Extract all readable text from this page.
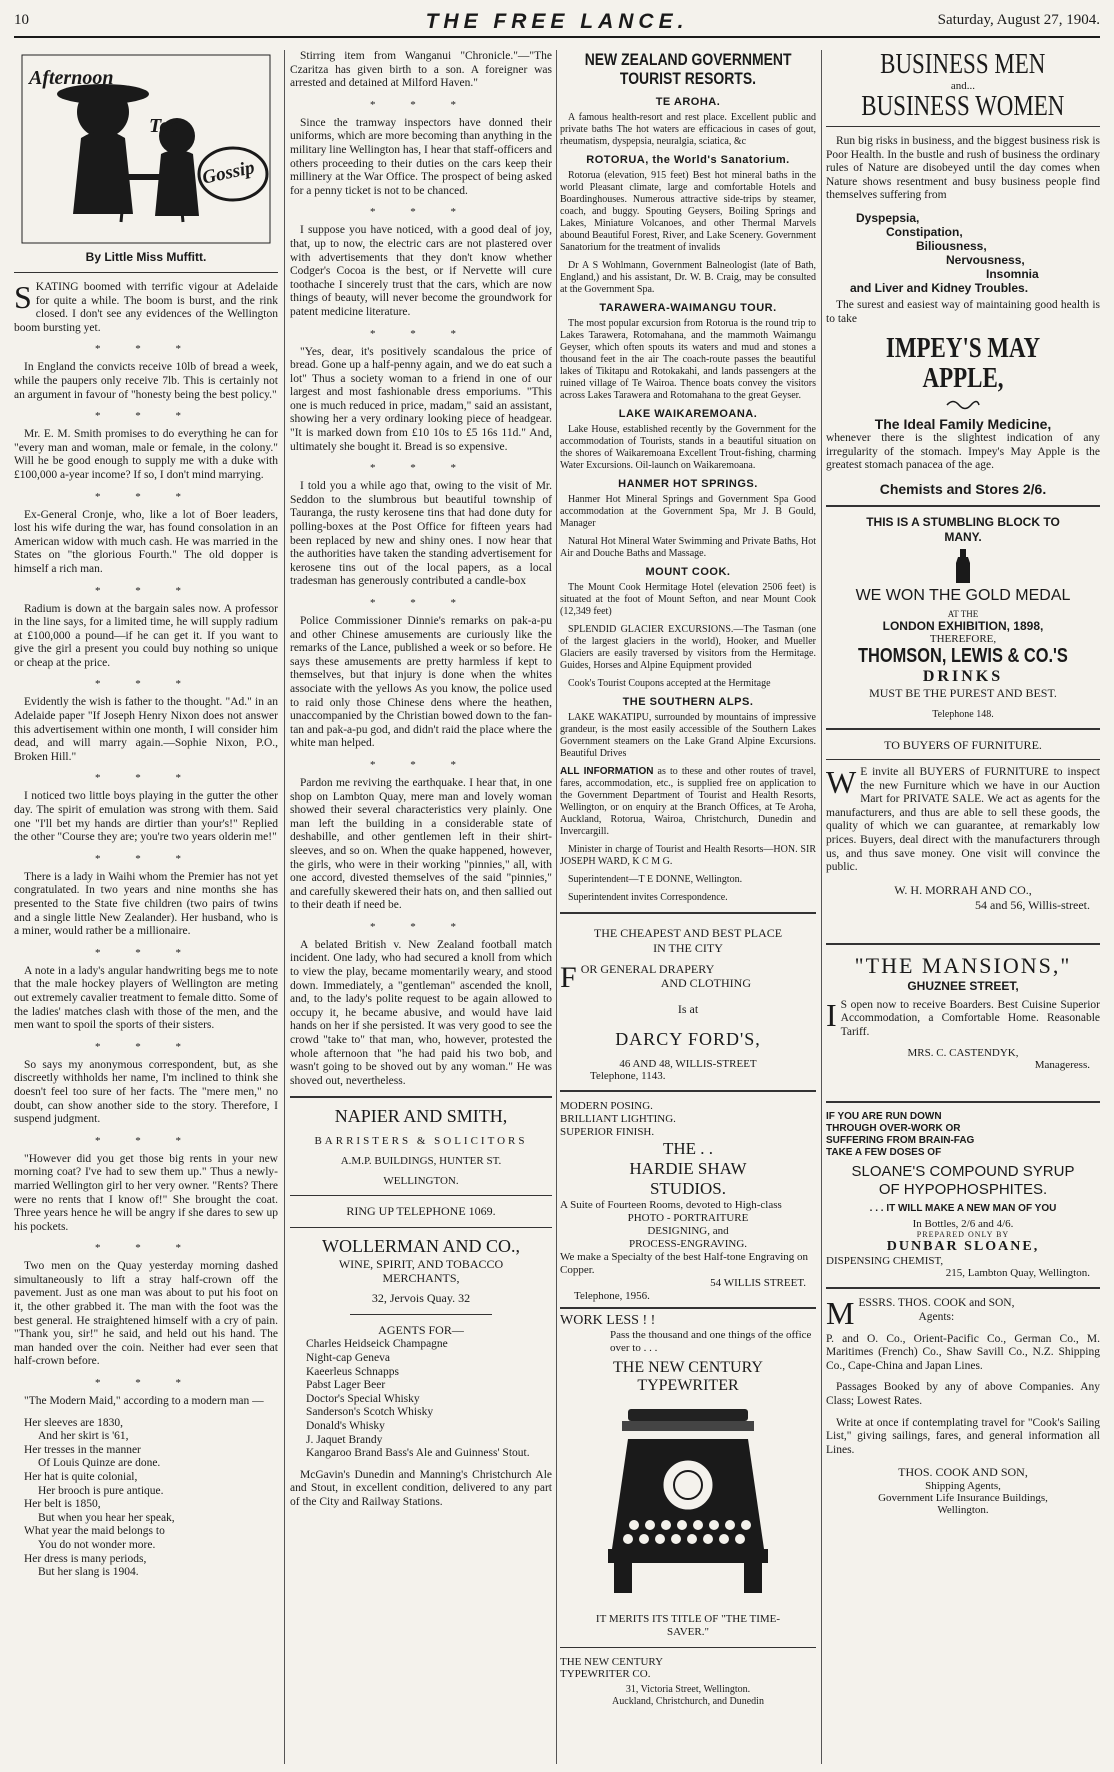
10	THE FREE LANCE.	Saturday, August 27, 1904.
Afternoon
Tea
Gossip
By Little Miss Muffitt.

SKATING boomed with terrific vigour at Adelaide for quite a while. The boom is burst, and the rink closed. I don't see any evidences of the Wellington boom bursting yet.

* * *

In England the convicts receive 10lb of bread a week, while the paupers only receive 7lb. This is certainly not an argument in favour of "honesty being the best policy."

* * *

Mr. E. M. Smith promises to do everything he can for "every man and woman, male or female, in the colony." Will he be good enough to supply me with a duke with £100,000 a-year income? If so, I don't mind marrying.

* * *

Ex-General Cronje, who, like a lot of Boer leaders, lost his wife during the war, has found consolation in an American widow with much cash. He was married in the States on "the glorious Fourth." The old dopper is himself a rich man.

* * *

Radium is down at the bargain sales now. A professor in the line says, for a limited time, he will supply radium at £100,000 a pound—if he can get it. If you want to give the girl a present you could buy nothing so unique or cheap at the price.

* * *

Evidently the wish is father to the thought. "Ad." in an Adelaide paper "If Joseph Henry Nixon does not answer this advertisement within one month, I will consider him dead, and will marry again.—Sophie Nixon, P.O., Broken Hill."

* * *

I noticed two little boys playing in the gutter the other day. The spirit of emulation was strong with them. Said one "I'll bet my hands are dirtier than your's!" Replied the other "Course they are; you're two years olderin me!"

* * *

There is a lady in Waihi whom the Premier has not yet congratulated. In two years and nine months she has presented to the State five children (two pairs of twins and a single little New Zealander). Her husband, who is a miner, would rather be a millionaire.

* * *

A note in a lady's angular handwriting begs me to note that the male hockey players of Wellington are meting out extremely cavalier treatment to female ditto. Some of the ladies' matches clash with those of the men, and the men want to spoil the sports of their sisters.

* * *

So says my anonymous correspondent, but, as she discreetly withholds her name, I'm inclined to think she doesn't feel too sure of her facts. The "mere men," no doubt, can show another side to the story. Therefore, I suspend judgment.

* * *

"However did you get those big rents in your new morning coat? I've had to sew them up." Thus a newly-married Wellington girl to her very owner. "Rents? There were no rents that I know of!" She brought the coat. Three years hence he will be angry if she dares to sew up his pockets.

* * *

Two men on the Quay yesterday morning dashed simultaneously to lift a stray half-crown off the pavement. Just as one man was about to put his foot on it, the other grabbed it. The man with the foot was the best general. He straightened himself with a cry of pain. "Thank you, sir!" he said, and held out his hand. The man handed over the coin. Neither had ever seen that half-crown before.

* * *

"The Modern Maid," according to a modern man —

Her sleeves are 1830,
And her skirt is '61,
Her tresses in the manner
Of Louis Quinze are done.
Her hat is quite colonial,
Her brooch is pure antique.
Her belt is 1850,
But when you hear her speak,
What year the maid belongs to
You do not wonder more.
Her dress is many periods,
But her slang is 1904.

Stirring item from Wanganui "Chronicle."—"The Czaritza has given birth to a son. A foreigner was arrested and detained at Milford Haven."

* * *

Since the tramway inspectors have donned their uniforms, which are more becoming than anything in the military line Wellington has, I hear that staff-officers and others proceeding to their duties on the cars keep their millinery at the War Office. The prospect of being asked for a penny ticket is not to be chanced.

* * *

I suppose you have noticed, with a good deal of joy, that, up to now, the electric cars are not plastered over with advertisements that they don't know whether Codger's Cocoa is the best, or if Nervette will cure toothache I sincerely trust that the cars, which are now things of beauty, will never become the groundwork for patent medicine literature.

* * *

"Yes, dear, it's positively scandalous the price of bread. Gone up a half-penny again, and we do eat such a lot" Thus a society woman to a friend in one of our largest and most fashionable dress emporiums. "This one is much reduced in price, madam," said an assistant, showing her a very ordinary looking piece of headgear. "It is marked down from £10 10s to £5 16s 11d." And, ultimately she bought it. Bread is so expensive.

* * *

I told you a while ago that, owing to the visit of Mr. Seddon to the slumbrous but beautiful township of Tauranga, the rusty kerosene tins that had done duty for polling-boxes at the Post Office for fifteen years had been replaced by new and shiny ones. I now hear that the authorities have taken the standing advertisement for kerosene tins out of the local papers, as a local tradesman has generously contributed a candle-box

* * *

Police Commissioner Dinnie's remarks on pak-a-pu and other Chinese amusements are curiously like the remarks of the Lance, published a week or so before. He says these amusements are pretty harmless if kept to themselves, but that injury is done when the whites associate with the yellows As you know, the police used to raid only those Chinese dens where the heathen, unaccompanied by the Christian bowed down to the fan-tan and pak-a-pu god, and didn't raid the place where the white man helped.

* * *

Pardon me reviving the earthquake. I hear that, in one shop on Lambton Quay, mere man and lovely woman showed their several characteristics very plainly. One man left the building in a considerable state of deshabille, and other gentlemen left in their shirt-sleeves, and so on. When the quake happened, however, the girls, who were in their working "pinnies," all, with one accord, divested themselves of the said "pinnies," and carefully skewered their hats on, and then sallied out to their death if need be.

* * *

A belated British v. New Zealand football match incident. One lady, who had secured a knoll from which to view the play, became momentarily weary, and stood down. Immediately, a "gentleman" ascended the knoll, and, to the lady's polite request to be again allowed to occupy it, he became abusive, and would have laid hands on her if she persisted. It was very good to see the crowd "take to" that man, who, however, protested the whole afternoon that "he had paid his two bob, and wasn't going to be shoved out by any woman." He was shoved out, nevertheless.

NAPIER AND SMITH,
BARRISTERS & SOLICITORS
A.M.P. BUILDINGS, HUNTER ST.
WELLINGTON.
RING UP TELEPHONE 1069.
WOLLERMAN AND CO.,
WINE, SPIRIT, AND TOBACCO MERCHANTS,
32, Jervois Quay. 32
AGENTS FOR—
Charles Heidseick Champagne
Night-cap Geneva
Kaeerleus Schnapps
Pabst Lager Beer
Doctor's Special Whisky
Sanderson's Scotch Whisky
Donald's Whisky
J. Jaquet Brandy
Kangaroo Brand Bass's Ale and Guinness' Stout.

McGavin's Dunedin and Manning's Christchurch Ale and Stout, in excellent condition, delivered to any part of the City and Railway Stations.

NEW ZEALAND GOVERNMENT
TOURIST RESORTS.
TE AROHA.

A famous health-resort and rest place. Excellent public and private baths The hot waters are efficacious in cases of gout, rheumatism, dyspepsia, neuralgia, sciatica, &c

ROTORUA, the World's Sanatorium.

Rotorua (elevation, 915 feet) Best hot mineral baths in the world Pleasant climate, large and comfortable Hotels and Boardinghouses. Numerous attractive side-trips by steamer, coach, and buggy. Spouting Geysers, Boiling Springs and Lakes, Miniature Volcanoes, and other Thermal Marvels abound Beautiful Forest, River, and Lake Scenery. Government Sanatorium for the treatment of invalids

Dr A S Wohlmann, Government Balneologist (late of Bath, England,) and his assistant, Dr. W. B. Craig, may be consulted at the Government Spa.

TARAWERA-WAIMANGU TOUR.

The most popular excursion from Rotorua is the round trip to Lakes Tarawera, Rotomahana, and the mammoth Waimangu Geyser, which often spouts its waters and mud and stones a thousand feet in the air The coach-route passes the beautiful lakes of Tikitapu and Rotokakahi, and lands passengers at the ruined village of Te Wairoa. Thence boats convey the visitors across Lakes Tarawera and Rotomahana to the great Geyser.

LAKE WAIKAREMOANA.

Lake House, established recently by the Government for the accommodation of Tourists, stands in a beautiful situation on the shores of Waikaremoana Excellent Trout-fishing, charming Water Excursions. Oil-launch on Waikaremoana.

HANMER HOT SPRINGS.

Hanmer Hot Mineral Springs and Government Spa Good accommodation at the Government Spa, Mr J. B Gould, Manager

Natural Hot Mineral Water Swimming and Private Baths, Hot Air and Douche Baths and Massage.

MOUNT COOK.

The Mount Cook Hermitage Hotel (elevation 2506 feet) is situated at the foot of Mount Sefton, and near Mount Cook (12,349 feet)

SPLENDID GLACIER EXCURSIONS.—The Tasman (one of the largest glaciers in the world), Hooker, and Mueller Glaciers are easily traversed by visitors from the Hermitage. Guides, Horses and Alpine Equipment provided

Cook's Tourist Coupons accepted at the Hermitage

THE SOUTHERN ALPS.

LAKE WAKATIPU, surrounded by mountains of impressive grandeur, is the most easily accessible of the Southern Lakes Government steamers on the Lake Grand Alpine Excursions. Beautiful Drives

ALL INFORMATION as to these and other routes of travel, fares, accommodation, etc., is supplied free on application to the Government Department of Tourist and Health Resorts, Wellington, or on enquiry at the Branch Offices, at Te Aroha, Auckland, Rotorua, Wairoa, Christchurch, Dunedin and Invercargill.

Minister in charge of Tourist and Health Resorts—HON. SIR JOSEPH WARD, K C M G.

Superintendent—T E DONNE, Wellington.

Superintendent invites Correspondence.

THE CHEAPEST AND BEST PLACE
IN THE CITY
FOR GENERAL DRAPERY
AND CLOTHING
Is at
DARCY FORD'S,
46 AND 48, WILLIS-STREET
Telephone, 1143.
MODERN POSING.
BRILLIANT LIGHTING.
SUPERIOR FINISH.
THE . .
HARDIE SHAW
STUDIOS.
A Suite of Fourteen Rooms, devoted to High-class
PHOTO - PORTRAITURE
DESIGNING, and
PROCESS-ENGRAVING.
We make a Specialty of the best Half-tone Engraving on Copper.
54 WILLIS STREET.
Telephone, 1956.
WORK LESS ! !
Pass the thousand and one things of the office over to . . .
THE NEW CENTURY
TYPEWRITER
IT MERITS ITS TITLE OF "THE TIME-SAVER."
THE NEW CENTURY
TYPEWRITER CO.
31, Victoria Street, Wellington.
Auckland, Christchurch, and Dunedin
BUSINESS MEN
and...
BUSINESS WOMEN

Run big risks in business, and the biggest business risk is Poor Health. In the bustle and rush of business the ordinary rules of Nature are disobeyed until the day comes when Nature shows resentment and busy business people find themselves suffering from

Dyspepsia,
Constipation,
Biliousness,
Nervousness,
Insomnia
and Liver and Kidney Troubles.

The surest and easiest way of maintaining good health is to take

IMPEY'S MAY APPLE,
The Ideal Family Medicine,

whenever there is the slightest indication of any irregularity of the stomach. Impey's May Apple is the greatest stomach panacea of the age.

Chemists and Stores 2/6.
THIS IS A STUMBLING BLOCK TO MANY.
WE WON THE GOLD MEDAL
AT THE
LONDON EXHIBITION, 1898,
THEREFORE,
THOMSON, LEWIS & CO.'S
DRINKS
MUST BE THE PUREST AND BEST.
Telephone 148.
TO BUYERS OF FURNITURE.

W E invite all BUYERS of FURNITURE to inspect the new Furniture which we have in our Auction Mart for PRIVATE SALE. We act as agents for the manufacturers, and thus are able to sell these goods, the quality of which we can guarantee, at remarkably low prices. Buyers, deal direct with the manufacturers through us, and thus save money. One visit will convince the public.

W. H. MORRAH AND CO.,
54 and 56, Willis-street.
"THE MANSIONS,"
GHUZNEE STREET,

I S open now to receive Boarders. Best Cuisine Superior Accommodation, a Comfortable Home. Reasonable Tariff.

MRS. C. CASTENDYK,
Manageress.
IF YOU ARE RUN DOWN
THROUGH OVER-WORK OR
SUFFERING FROM BRAIN-FAG
TAKE A FEW DOSES OF
SLOANE'S COMPOUND SYRUP
OF HYPOPHOSPHITES.
. . . IT WILL MAKE A NEW MAN OF YOU
In Bottles, 2/6 and 4/6.
PREPARED ONLY BY
DUNBAR SLOANE,
DISPENSING CHEMIST,
215, Lambton Quay, Wellington.

MESSRS. THOS. COOK and SON,
Agents:

P. and O. Co., Orient-Pacific Co., German Co., M. Maritimes (French) Co., Shaw Savill Co., N.Z. Shipping Co., Cape-China and Japan Lines.

Passages Booked by any of above Companies. Any Class; Lowest Rates.

Write at once if contemplating travel for "Cook's Sailing List," giving sailings, fares, and general information all Lines.

THOS. COOK AND SON,
Shipping Agents,
Government Life Insurance Buildings,
Wellington.
